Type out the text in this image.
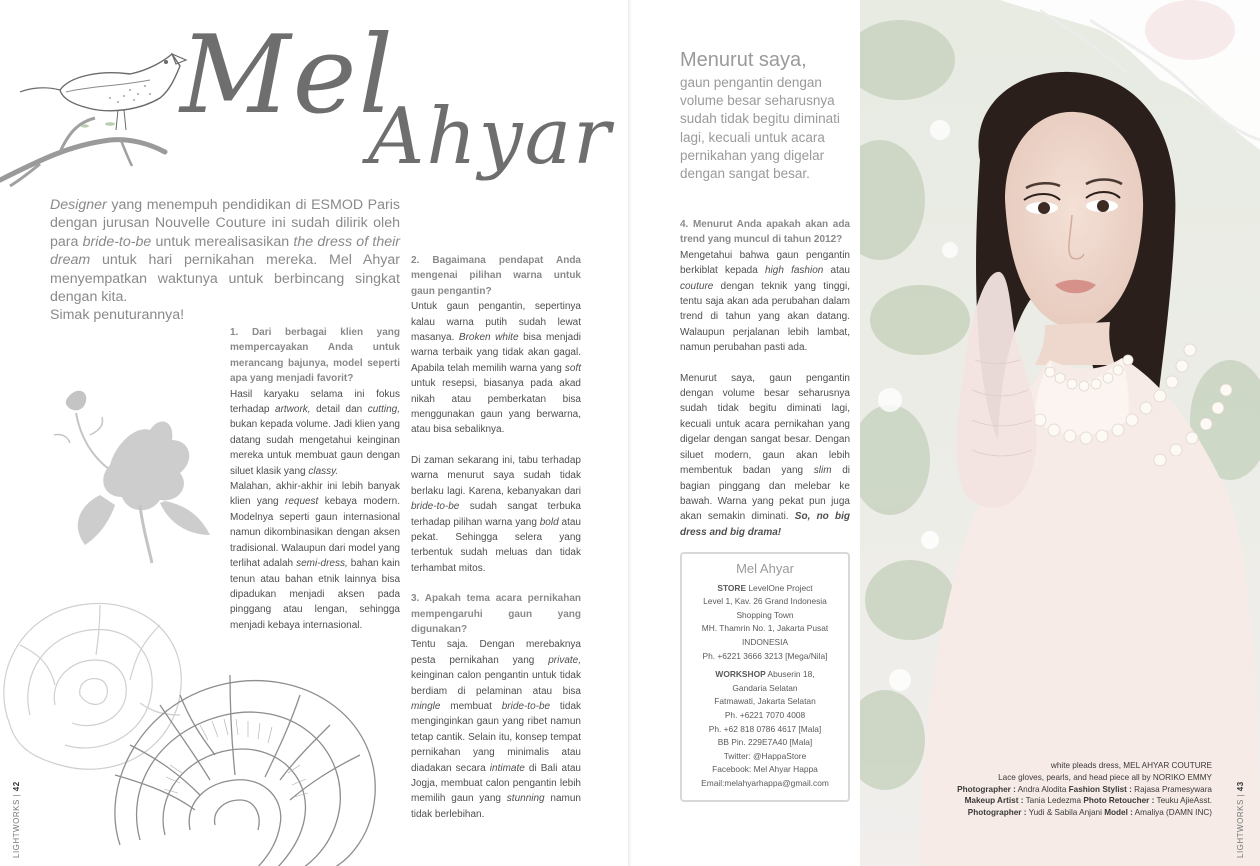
Mel
Ahyar

Designer yang menempuh pendidikan di ESMOD Paris dengan jurusan Nouvelle Couture ini sudah dilirik oleh para bride-to-be untuk merealisasikan the dress of their dream untuk hari pernikahan mereka. Mel Ahyar menyempatkan waktunya untuk berbincang singkat dengan kita.

Simak penuturannya!

1. Dari berbagai klien yang mempercayakan Anda untuk merancang bajunya, model seperti apa yang menjadi favorit?

Hasil karyaku selama ini fokus terhadap artwork, detail dan cutting, bukan kepada volume. Jadi klien yang datang sudah mengetahui keinginan mereka untuk membuat gaun dengan siluet klasik yang classy.

Malahan, akhir-akhir ini lebih banyak klien yang request kebaya modern. Modelnya seperti gaun internasional namun dikombinasikan dengan aksen tradisional. Walaupun dari model yang terlihat adalah semi-dress, bahan kain tenun atau bahan etnik lainnya bisa dipadukan menjadi aksen pada pinggang atau lengan, sehingga menjadi kebaya internasional.

2. Bagaimana pendapat Anda mengenai pilihan warna untuk gaun pengantin?

Untuk gaun pengantin, sepertinya kalau warna putih sudah lewat masanya. Broken white bisa menjadi warna terbaik yang tidak akan gagal. Apabila telah memilih warna yang soft untuk resepsi, biasanya pada akad nikah atau pemberkatan bisa menggunakan gaun yang berwarna, atau bisa sebaliknya.

Di zaman sekarang ini, tabu terhadap warna menurut saya sudah tidak berlaku lagi. Karena, kebanyakan dari bride-to-be sudah sangat terbuka terhadap pilihan warna yang bold atau pekat. Sehingga selera yang terbentuk sudah meluas dan tidak terhambat mitos.

3. Apakah tema acara pernikahan mempengaruhi gaun yang digunakan?

Tentu saja. Dengan merebaknya pesta pernikahan yang private, keinginan calon pengantin untuk tidak berdiam di pelaminan atau bisa mingle membuat bride-to-be tidak menginginkan gaun yang ribet namun tetap cantik. Selain itu, konsep tempat pernikahan yang minimalis atau diadakan secara intimate di Bali atau Jogja, membuat calon pengantin lebih memilih gaun yang stunning namun tidak berlebihan.

Menurut saya,
gaun pengantin dengan volume besar seharusnya sudah tidak begitu diminati lagi, kecuali untuk acara pernikahan yang digelar dengan sangat besar.

4. Menurut Anda apakah akan ada trend yang muncul di tahun 2012?

Mengetahui bahwa gaun pengantin berkiblat kepada high fashion atau couture dengan teknik yang tinggi, tentu saja akan ada perubahan dalam trend di tahun yang akan datang. Walaupun perjalanan lebih lambat, namun perubahan pasti ada.

Menurut saya, gaun pengantin dengan volume besar seharusnya sudah tidak begitu diminati lagi, kecuali untuk acara pernikahan yang digelar dengan sangat besar. Dengan siluet modern, gaun akan lebih membentuk badan yang slim di bagian pinggang dan melebar ke bawah. Warna yang pekat pun juga akan semakin diminati. So, no big dress and big drama!

Mel Ahyar

STORE LevelOne Project

Level 1, Kav. 26 Grand Indonesia

Shopping Town

MH. Thamrin No. 1, Jakarta Pusat

INDONESIA

Ph. +6221 3666 3213 [Mega/Nila]

WORKSHOP Abuserin 18,

Gandaria Selatan

Fatmawati, Jakarta Selatan

Ph. +6221 7070 4008

Ph. +62 818 0786 4617 [Mala]

BB Pin. 229E7A40 [Mala]

Twitter: @HappaStore

Facebook: Mel Ahyar Happa

Email:melahyarhappa@gmail.com

white pleads dress, MEL AHYAR COUTURE
Lace gloves, pearls, and head piece all by NORIKO EMMY
Photographer : Andra Alodita Fashion Stylist : Rajasa Pramesywara
Makeup Artist : Tania Ledezma Photo Retoucher : Teuku AjieAsst.
Photographer : Yudi & Sabila Anjani Model : Amaliya (DAMN INC)
LIGHTWORKS | 42
LIGHTWORKS | 43
